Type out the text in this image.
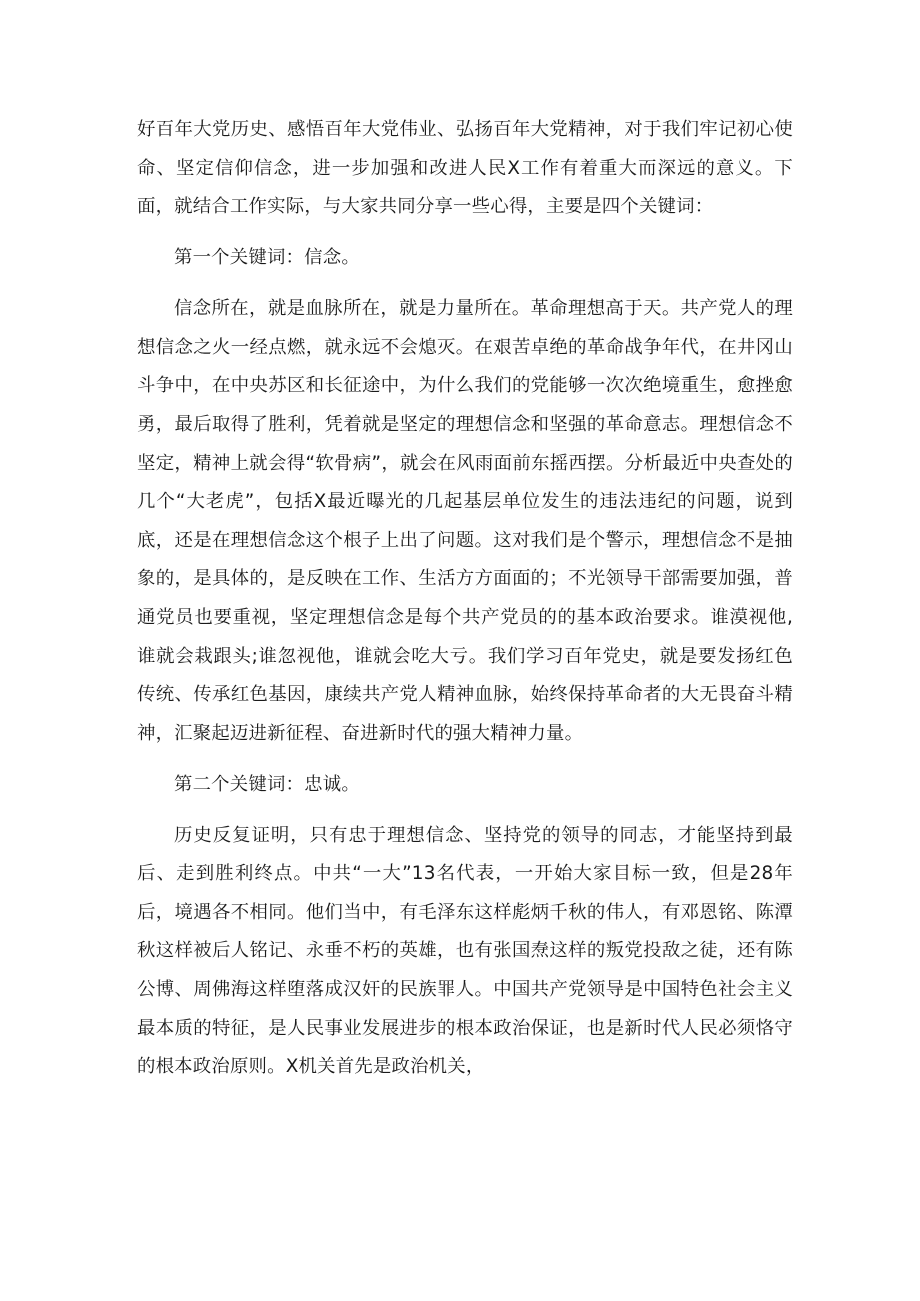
好百年大党历史、感悟百年大党伟业、弘扬百年大党精神，对于我们牢记初心使命、坚定信仰信念，进一步加强和改进人民X工作有着重大而深远的意义。下面，就结合工作实际，与大家共同分享一些心得，主要是四个关键词：

第一个关键词：信念。

信念所在，就是血脉所在，就是力量所在。革命理想高于天。共产党人的理想信念之火一经点燃，就永远不会熄灭。在艰苦卓绝的革命战争年代，在井冈山斗争中，在中央苏区和长征途中，为什么我们的党能够一次次绝境重生，愈挫愈勇，最后取得了胜利，凭着就是坚定的理想信念和坚强的革命意志。理想信念不坚定，精神上就会得“软骨病”，就会在风雨面前东摇西摆。分析最近中央查处的几个“大老虎”，包括X最近曝光的几起基层单位发生的违法违纪的问题，说到底，还是在理想信念这个根子上出了问题。这对我们是个警示，理想信念不是抽象的，是具体的，是反映在工作、生活方方面面的；不光领导干部需要加强，普通党员也要重视，坚定理想信念是每个共产党员的的基本政治要求。谁漠视他,谁就会栽跟头;谁忽视他，谁就会吃大亏。我们学习百年党史，就是要发扬红色传统、传承红色基因，康续共产党人精神血脉，始终保持革命者的大无畏奋斗精神，汇聚起迈进新征程、奋进新时代的强大精神力量。

第二个关键词：忠诚。

历史反复证明，只有忠于理想信念、坚持党的领导的同志，才能坚持到最后、走到胜利终点。中共“一大”13名代表，一开始大家目标一致，但是28年后，境遇各不相同。他们当中，有毛泽东这样彪炳千秋的伟人，有邓恩铭、陈潭秋这样被后人铭记、永垂不朽的英雄，也有张国焘这样的叛党投敌之徒，还有陈公博、周佛海这样堕落成汉奸的民族罪人。中国共产党领导是中国特色社会主义最本质的特征，是人民事业发展进步的根本政治保证，也是新时代人民必须恪守的根本政治原则。X机关首先是政治机关，
